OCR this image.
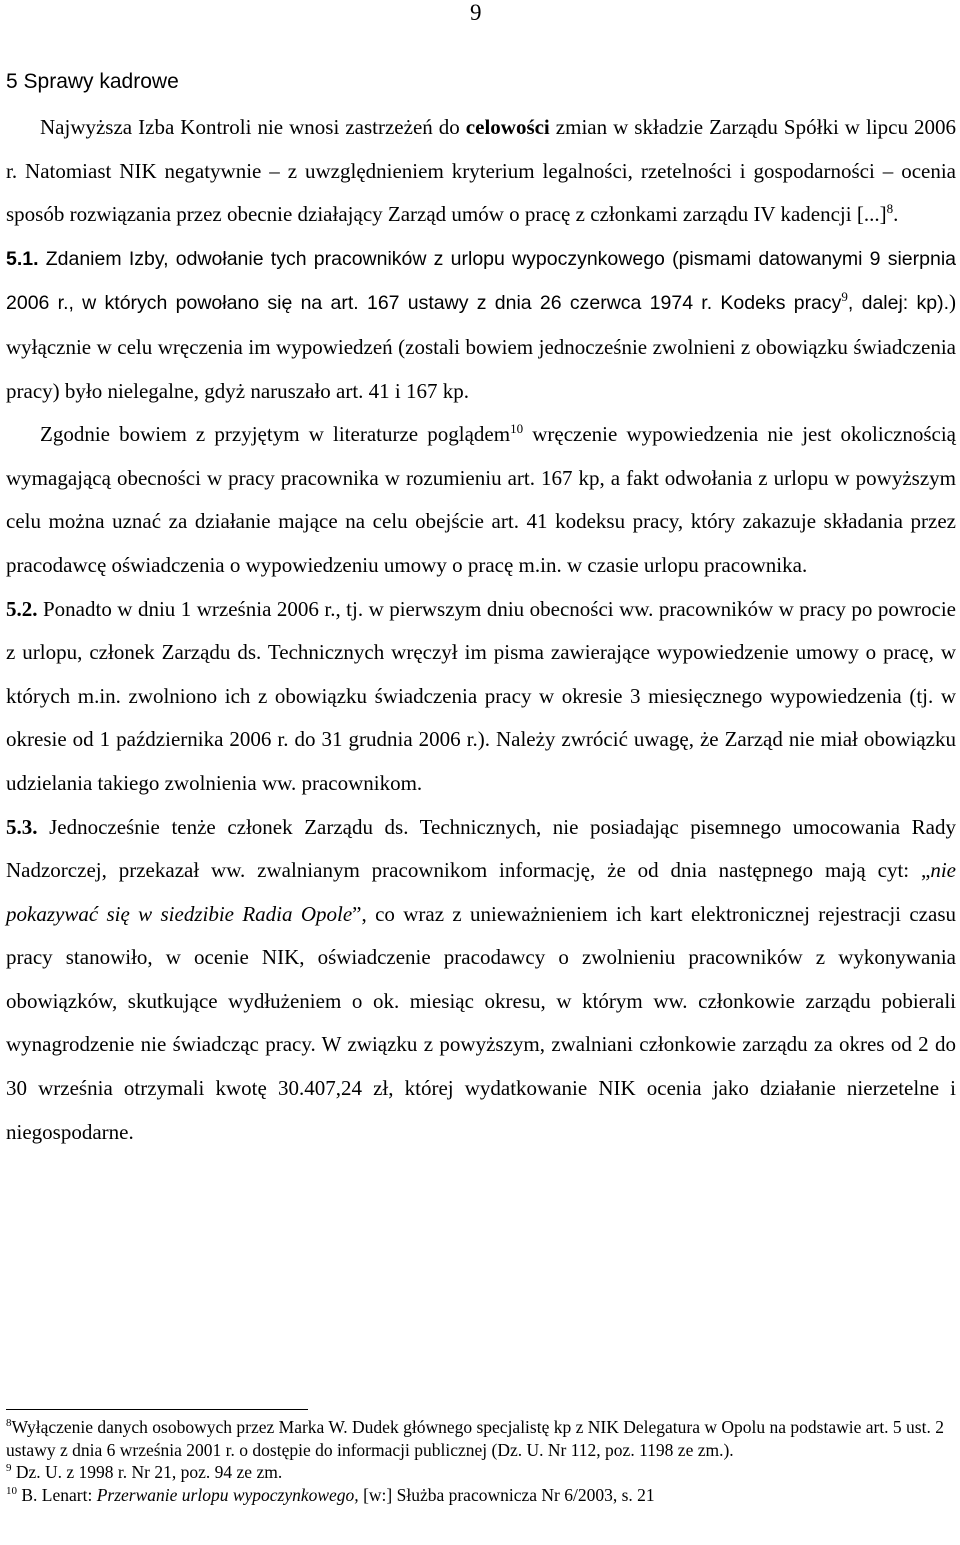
9
5 Sprawy kadrowe

Najwyższa Izba Kontroli nie wnosi zastrzeżeń do celowości zmian w składzie Zarządu Spółki w lipcu 2006 r. Natomiast NIK negatywnie – z uwzględnieniem kryterium legalności, rzetelności i gospodarności – ocenia sposób rozwiązania przez obecnie działający Zarząd umów o pracę z członkami zarządu IV kadencji [...]$^8$.

5.1. Zdaniem Izby, odwołanie tych pracowników z urlopu wypoczynkowego (pismami datowanymi 9 sierpnia 2006 r., w których powołano się na art. 167 ustawy z dnia 26 czerwca 1974 r. Kodeks pracy$^9$, dalej: kp).) wyłącznie w celu wręczenia im wypowiedzeń (zostali bowiem jednocześnie zwolnieni z obowiązku świadczenia pracy) było nielegalne, gdyż naruszało art. 41 i 167 kp.

Zgodnie bowiem z przyjętym w literaturze poglądem$^{10}$ wręczenie wypowiedzenia nie jest okolicznością wymagającą obecności w pracy pracownika w rozumieniu art. 167 kp, a fakt odwołania z urlopu w powyższym celu można uznać za działanie mające na celu obejście art. 41 kodeksu pracy, który zakazuje składania przez pracodawcę oświadczenia o wypowiedzeniu umowy o pracę m.in. w czasie urlopu pracownika.

5.2. Ponadto w dniu 1 września 2006 r., tj. w pierwszym dniu obecności ww. pracowników w pracy po powrocie z urlopu, członek Zarządu ds. Technicznych wręczył im pisma zawierające wypowiedzenie umowy o pracę, w których m.in. zwolniono ich z obowiązku świadczenia pracy w okresie 3 miesięcznego wypowiedzenia (tj. w okresie od 1 października 2006 r. do 31 grudnia 2006 r.). Należy zwrócić uwagę, że Zarząd nie miał obowiązku udzielania takiego zwolnienia ww. pracownikom.

5.3. Jednocześnie tenże członek Zarządu ds. Technicznych, nie posiadając pisemnego umocowania Rady Nadzorczej, przekazał ww. zwalnianym pracownikom informację, że od dnia następnego mają cyt: „nie pokazywać się w siedzibie Radia Opole”, co wraz z unieważnieniem ich kart elektronicznej rejestracji czasu pracy stanowiło, w ocenie NIK, oświadczenie pracodawcy o zwolnieniu pracowników z wykonywania obowiązków, skutkujące wydłużeniem o ok. miesiąc okresu, w którym ww. członkowie zarządu pobierali wynagrodzenie nie świadcząc pracy. W związku z powyższym, zwalniani członkowie zarządu za okres od 2 do 30 września otrzymali kwotę 30.407,24 zł, której wydatkowanie NIK ocenia jako działanie nierzetelne i niegospodarne.

$^8$Wyłączenie danych osobowych przez Marka W. Dudek głównego specjalistę kp z NIK Delegatura w Opolu na podstawie art. 5 ust. 2 ustawy z dnia 6 września 2001 r. o dostępie do informacji publicznej (Dz. U. Nr 112, poz. 1198 ze zm.).

$^9$ Dz. U. z 1998 r. Nr 21, poz. 94 ze zm.

$^{10}$ B. Lenart: Przerwanie urlopu wypoczynkowego, [w:] Służba pracownicza Nr 6/2003, s. 21
